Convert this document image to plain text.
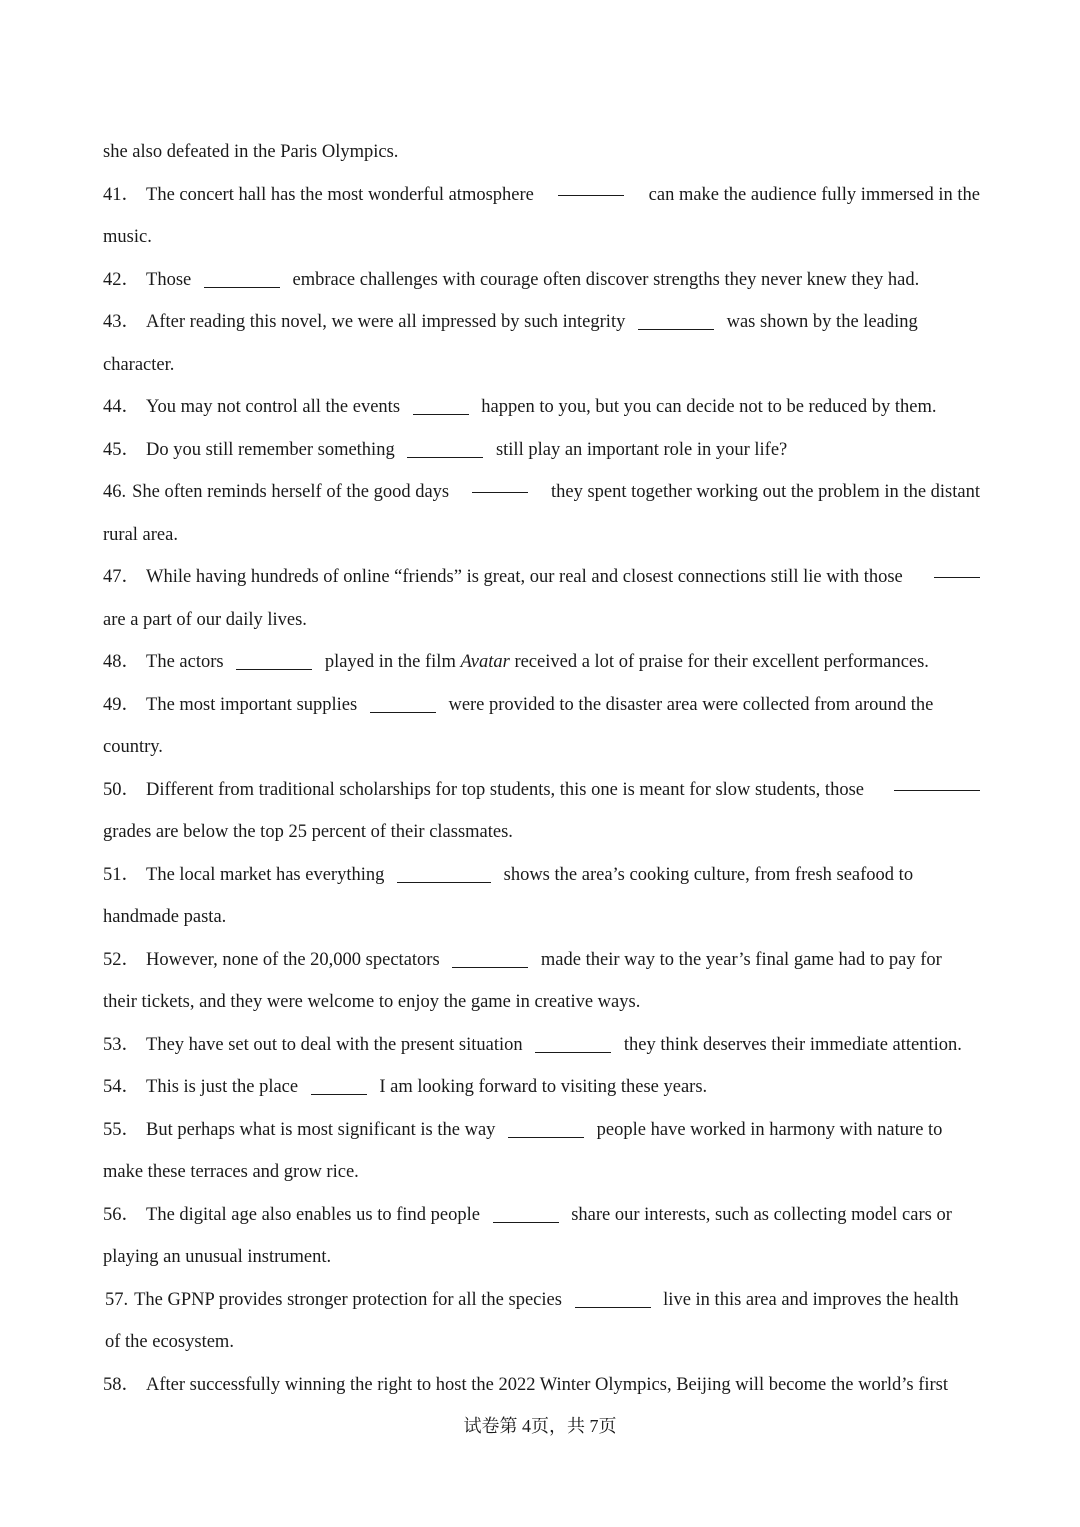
she also defeated in the Paris Olympics.
41． The concert hall has the most wonderful atmosphere	can make the audience fully immersed in the
music.
42． Those	embrace challenges with courage often discover strengths they never knew they had.
43． After reading this novel, we were all impressed by such integrity	was shown by the leading
character.
44． You may not control all the events	happen to you, but you can decide not to be reduced by them.
45． Do you still remember something	still play an important role in your life?
46. She often reminds herself of the good days	they spent together working out the problem in the distant
rural area.
47． While having hundreds of online “friends” is great, our real and closest connections still lie with those
are a part of our daily lives.
48． The actors	played in the film Avatar received a lot of praise for their excellent performances.
49． The most important supplies	were provided to the disaster area were collected from around the
country.
50． Different from traditional scholarships for top students, this one is meant for slow students, those
grades are below the top 25 percent of their classmates.
51． The local market has everything	shows the area’s cooking culture, from fresh seafood to
handmade pasta.
52． However, none of the 20,000 spectators	made their way to the year’s final game had to pay for
their tickets, and they were welcome to enjoy the game in creative ways.
53． They have set out to deal with the present situation	they think deserves their immediate attention.
54． This is just the place	I am looking forward to visiting these years.
55． But perhaps what is most significant is the way	people have worked in harmony with nature to
make these terraces and grow rice.
56． The digital age also enables us to find people	share our interests, such as collecting model cars or
playing an unusual instrument.
57. The GPNP provides stronger protection for all the species	live in this area and improves the health
of the ecosystem.
58． After successfully winning the right to host the 2022 Winter Olympics, Beijing will become the world’s first
试卷第 4页，共 7页
